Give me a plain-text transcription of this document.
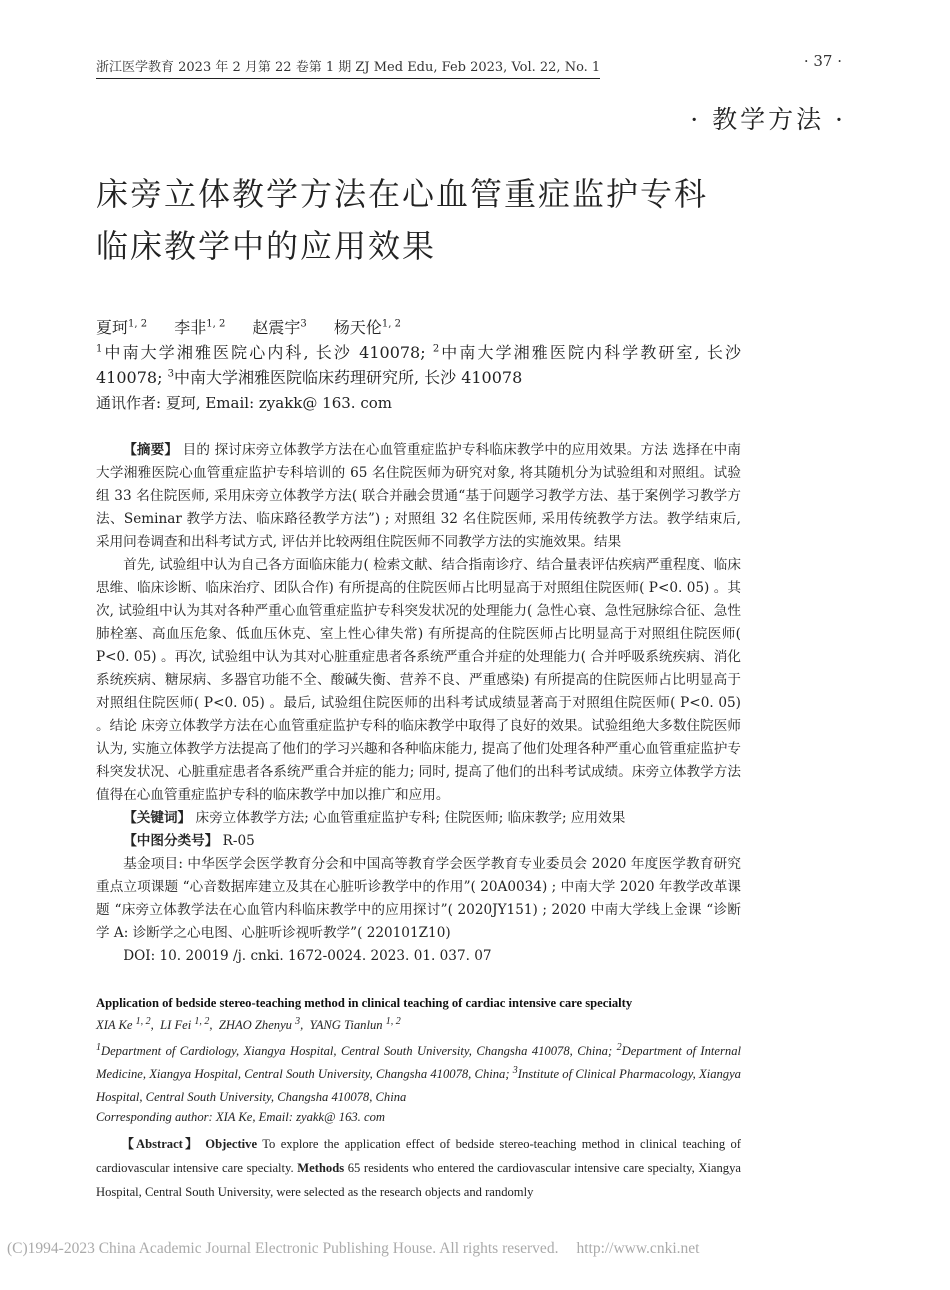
浙江医学教育 2023 年 2 月第 22 卷第 1 期 ZJ Med Edu, Feb 2023, Vol. 22, No. 1	· 37 ·
· 教学方法 ·
床旁立体教学方法在心血管重症监护专科
临床教学中的应用效果
夏珂$^{1, 2}$ 李非$^{1, 2}$ 赵震宇$^3$ 杨天伦$^{1, 2}$
$^1$中南大学湘雅医院心内科, 长沙 410078; $^2$中南大学湘雅医院内科学教研室, 长沙 410078; $^3$中南大学湘雅医院临床药理研究所, 长沙 410078
通讯作者: 夏珂, Email: zyakk@ 163. com

【摘要】 目的 探讨床旁立体教学方法在心血管重症监护专科临床教学中的应用效果。方法 选择在中南大学湘雅医院心血管重症监护专科培训的 65 名住院医师为研究对象, 将其随机分为试验组和对照组。试验组 33 名住院医师, 采用床旁立体教学方法( 联合并融会贯通“基于问题学习教学方法、基于案例学习教学方法、Seminar 教学方法、临床路径教学方法”) ; 对照组 32 名住院医师, 采用传统教学方法。教学结束后, 采用问卷调查和出科考试方式, 评估并比较两组住院医师不同教学方法的实施效果。结果

首先, 试验组中认为自己各方面临床能力( 检索文献、结合指南诊疗、结合量表评估疾病严重程度、临床思维、临床诊断、临床治疗、团队合作) 有所提高的住院医师占比明显高于对照组住院医师( P<0. 05) 。其次, 试验组中认为其对各种严重心血管重症监护专科突发状况的处理能力( 急性心衰、急性冠脉综合征、急性肺栓塞、高血压危象、低血压休克、室上性心律失常) 有所提高的住院医师占比明显高于对照组住院医师( P<0. 05) 。再次, 试验组中认为其对心脏重症患者各系统严重合并症的处理能力( 合并呼吸系统疾病、消化系统疾病、糖尿病、多器官功能不全、酸碱失衡、营养不良、严重感染) 有所提高的住院医师占比明显高于对照组住院医师( P<0. 05) 。最后, 试验组住院医师的出科考试成绩显著高于对照组住院医师( P<0. 05) 。结论 床旁立体教学方法在心血管重症监护专科的临床教学中取得了良好的效果。试验组绝大多数住院医师认为, 实施立体教学方法提高了他们的学习兴趣和各种临床能力, 提高了他们处理各种严重心血管重症监护专科突发状况、心脏重症患者各系统严重合并症的能力; 同时, 提高了他们的出科考试成绩。床旁立体教学方法值得在心血管重症监护专科的临床教学中加以推广和应用。

【关键词】 床旁立体教学方法; 心血管重症监护专科; 住院医师; 临床教学; 应用效果

【中图分类号】 R-05

基金项目: 中华医学会医学教育分会和中国高等教育学会医学教育专业委员会 2020 年度医学教育研究重点立项课题 “心音数据库建立及其在心脏听诊教学中的作用”( 20A0034) ; 中南大学 2020 年教学改革课题 “床旁立体教学法在心血管内科临床教学中的应用探讨”( 2020JY151) ; 2020 中南大学线上金课 “诊断学 A: 诊断学之心电图、心脏听诊视听教学”( 220101Z10)

DOI: 10. 20019 /j. cnki. 1672-0024. 2023. 01. 037. 07

Application of bedside stereo-teaching method in clinical teaching of cardiac intensive care specialty
XIA Ke $^{1, 2}$,  LI Fei $^{1, 2}$,  ZHAO Zhenyu $^3$,  YANG Tianlun $^{1, 2}$
$^1$Department of Cardiology, Xiangya Hospital, Central South University, Changsha 410078, China; $^2$Department of Internal Medicine, Xiangya Hospital, Central South University, Changsha 410078, China; $^3$Institute of Clinical Pharmacology, Xiangya Hospital, Central South University, Changsha 410078, China
Corresponding author: XIA Ke, Email: zyakk@ 163. com

【Abstract】 Objective To explore the application effect of bedside stereo-teaching method in clinical teaching of cardiovascular intensive care specialty. Methods 65 residents who entered the cardiovascular intensive care specialty, Xiangya Hospital, Central South University, were selected as the research objects and randomly

(C)1994-2023 China Academic Journal Electronic Publishing House. All rights reserved. http://www.cnki.net
